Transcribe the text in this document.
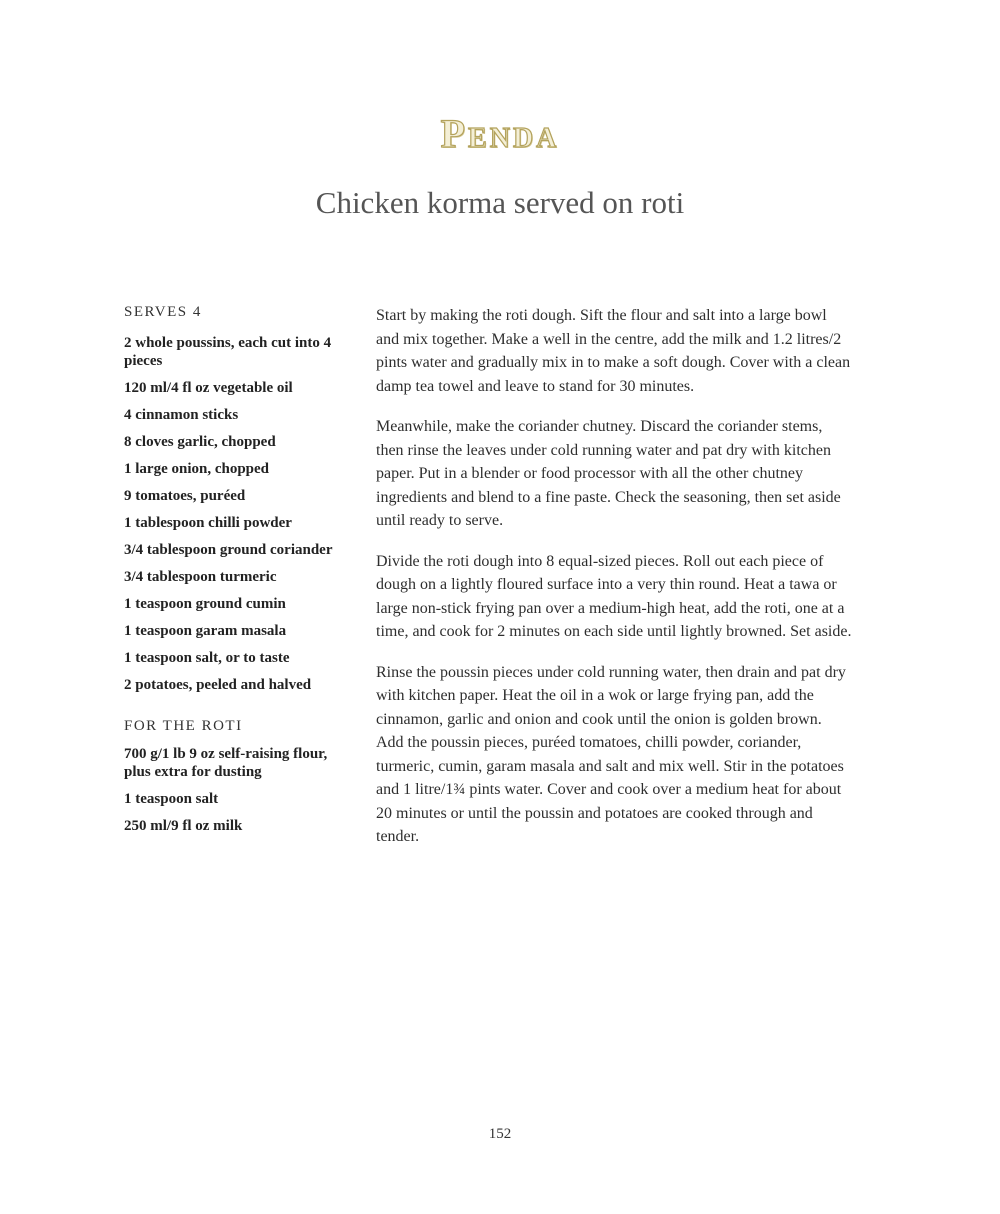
Penda
Chicken korma served on roti
SERVES 4
2 whole poussins, each cut into 4 pieces
120 ml/4 fl oz vegetable oil
4 cinnamon sticks
8 cloves garlic, chopped
1 large onion, chopped
9 tomatoes, puréed
1 tablespoon chilli powder
3/4 tablespoon ground coriander
3/4 tablespoon turmeric
1 teaspoon ground cumin
1 teaspoon garam masala
1 teaspoon salt, or to taste
2 potatoes, peeled and halved
FOR THE ROTI
700 g/1 lb 9 oz self-raising flour, plus extra for dusting
1 teaspoon salt
250 ml/9 fl oz milk

Start by making the roti dough. Sift the flour and salt into a large bowl and mix together. Make a well in the centre, add the milk and 1.2 litres/2 pints water and gradually mix in to make a soft dough. Cover with a clean damp tea towel and leave to stand for 30 minutes.

Meanwhile, make the coriander chutney. Discard the coriander stems, then rinse the leaves under cold running water and pat dry with kitchen paper. Put in a blender or food processor with all the other chutney ingredients and blend to a fine paste. Check the seasoning, then set aside until ready to serve.

Divide the roti dough into 8 equal-sized pieces. Roll out each piece of dough on a lightly floured surface into a very thin round. Heat a tawa or large non-stick frying pan over a medium-high heat, add the roti, one at a time, and cook for 2 minutes on each side until lightly browned. Set aside.

Rinse the poussin pieces under cold running water, then drain and pat dry with kitchen paper. Heat the oil in a wok or large frying pan, add the cinnamon, garlic and onion and cook until the onion is golden brown. Add the poussin pieces, puréed tomatoes, chilli powder, coriander, turmeric, cumin, garam masala and salt and mix well. Stir in the potatoes and 1 litre/1¾ pints water. Cover and cook over a medium heat for about 20 minutes or until the poussin and potatoes are cooked through and tender.

152
